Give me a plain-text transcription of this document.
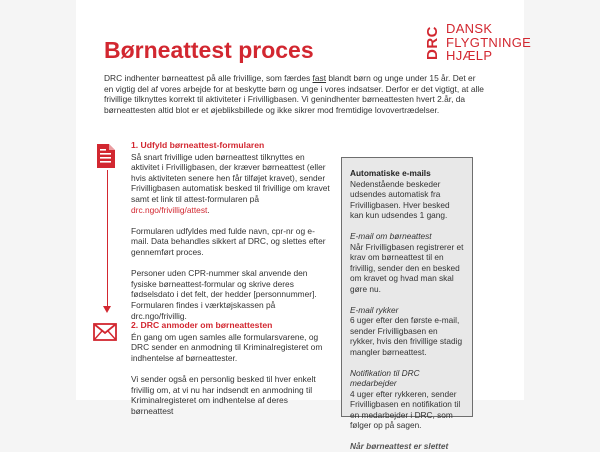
DRC DANSK
FLYGTNINGE
HJÆLP
Børneattest proces
DRC indhenter børneattest på alle frivillige, som færdes fast blandt børn og unge under 15 år. Det er en vigtig del af vores arbejde for at beskytte børn og unge i vores indsatser. Derfor er det vigtigt, at alle frivillige tilknyttes korrekt til aktiviteter i Frivilligbasen. Vi genindhenter børneattesten hvert 2.år, da børneattesten altid blot er et øjebliksbillede og ikke sikrer mod fremtidige lovovertrædelser.
1. Udfyld børneattest-formularen

Så snart frivillige uden børneattest tilknyttes en aktivitet i Frivilligbasen, der kræver børneattest (eller hvis aktiviteten senere hen får tilføjet kravet), sender Frivilligbasen automatisk besked til frivillige om kravet samt et link til attest-formularen på drc.ngo/frivillig/attest.

Formularen udfyldes med fulde navn, cpr-nr og e-mail. Data behandles sikkert af DRC, og slettes efter gennemført proces.

Personer uden CPR-nummer skal anvende den fysiske børneattest-formular og skrive deres fødselsdato i det felt, der hedder [personnummer]. Formularen findes i værktøjskassen på drc.ngo/frivillig.

2. DRC anmoder om børneattesten

Én gang om ugen samles alle formularsvarene, og DRC sender en anmodning til Kriminalregisteret om indhentelse af børneattester.

Vi sender også en personlig besked til hver enkelt frivillig om, at vi nu har indsendt en anmodning til Kriminalregisteret om indhentelse af deres børneattest

Automatiske e-mails

Nedenstående beskeder udsendes automatisk fra Frivilligbasen. Hver besked kan kun udsendes 1 gang.

E-mail om børneattest

Når Frivilligbasen registrerer et krav om børneattest til en frivillig, sender den en besked om kravet og hvad man skal gøre nu.

E-mail rykker

6 uger efter den første e-mail, sender Frivilligbasen en rykker, hvis den frivillige stadig mangler børneattest.

Notifikation til DRC medarbejder

4 uger efter rykkeren, sender Frivilligbasen en notifikation til en medarbejder i DRC, som følger op på sagen.

Når børneattest er slettet
